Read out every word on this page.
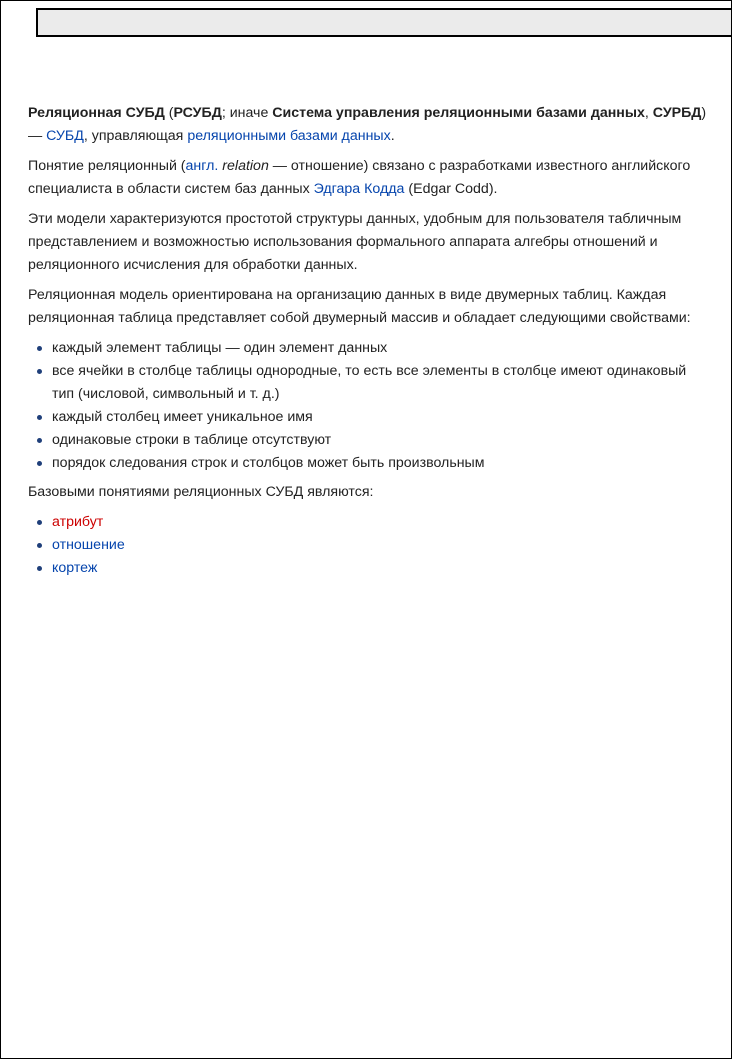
Реляционная СУБД (РСУБД; иначе Система управления реляционными базами данных, СУРБД) — СУБД, управляющая реляционными базами данных.

Понятие реляционный (англ. relation — отношение) связано с разработками известного английского специалиста в области систем баз данных Эдгара Кодда (Edgar Codd).

Эти модели характеризуются простотой структуры данных, удобным для пользователя табличным представлением и возможностью использования формального аппарата алгебры отношений и реляционного исчисления для обработки данных.

Реляционная модель ориентирована на организацию данных в виде двумерных таблиц. Каждая реляционная таблица представляет собой двумерный массив и обладает следующими свойствами:

каждый элемент таблицы — один элемент данных
все ячейки в столбце таблицы однородные, то есть все элементы в столбце имеют одинаковый тип (числовой, символьный и т. д.)
каждый столбец имеет уникальное имя
одинаковые строки в таблице отсутствуют
порядок следования строк и столбцов может быть произвольным

Базовыми понятиями реляционных СУБД являются:

атрибут
отношение
кортеж
